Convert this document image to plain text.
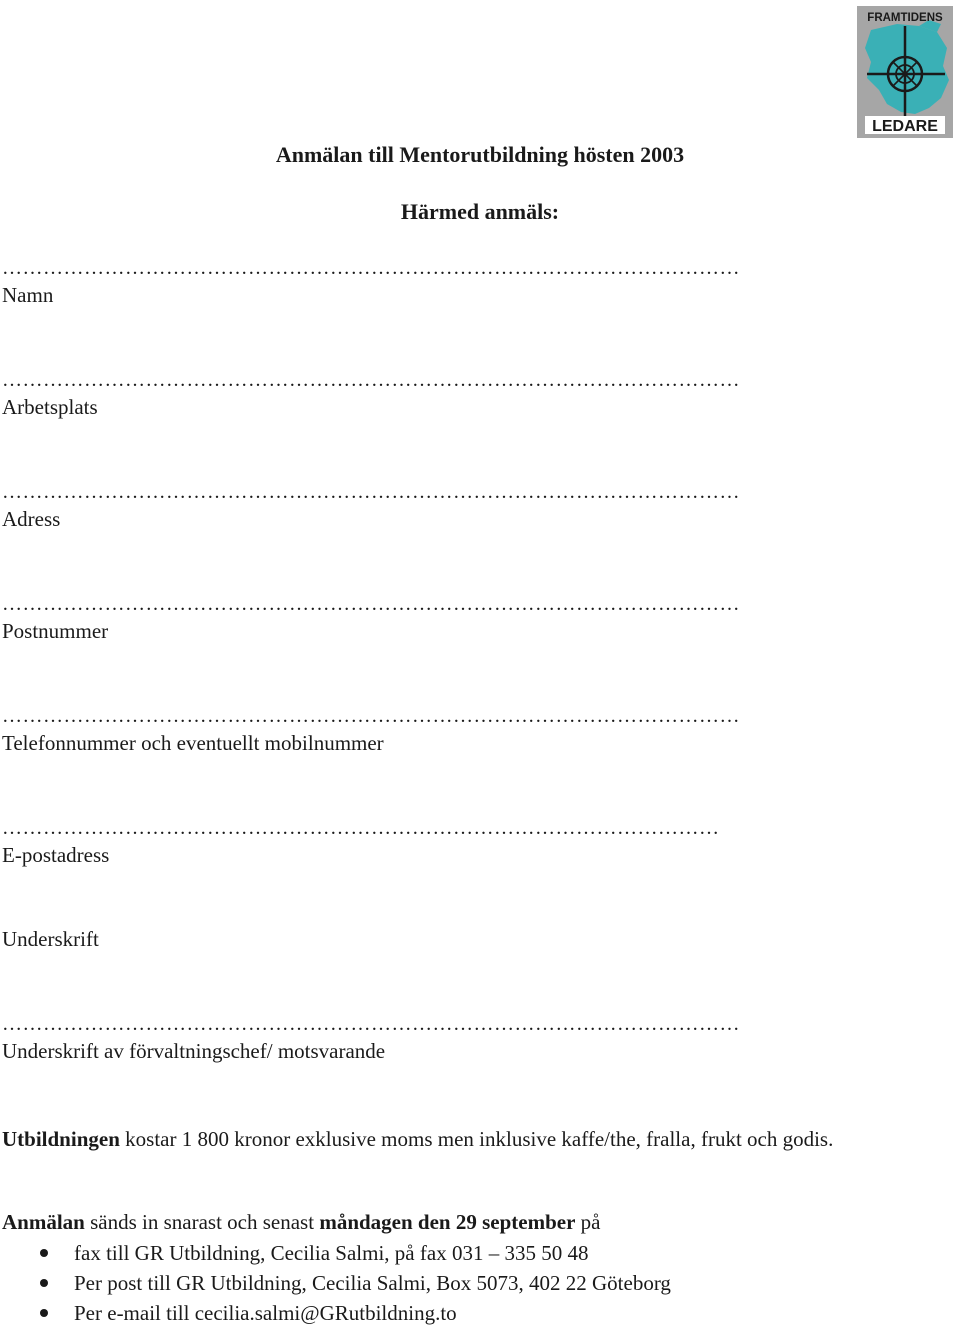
FRAMTIDENS
LEDARE
Anmälan till Mentorutbildning hösten 2003
Härmed anmäls:
………………………………………………………………………………………………
Namn
………………………………………………………………………………………………
Arbetsplats
………………………………………………………………………………………………
Adress
………………………………………………………………………………………………
Postnummer
………………………………………………………………………………………………
Telefonnummer och eventuellt mobilnummer
……………………………………………………………………………………………
E-postadress
Underskrift
………………………………………………………………………………………………
Underskrift av förvaltningschef/ motsvarande
Utbildningen kostar 1 800 kronor exklusive moms men inklusive kaffe/the, fralla, frukt och godis.
Anmälan sänds in snarast och senast måndagen den 29 september på
fax till GR Utbildning, Cecilia Salmi, på fax 031 – 335 50 48
Per post till GR Utbildning, Cecilia Salmi, Box 5073, 402 22 Göteborg
Per e-mail till cecilia.salmi@GRutbildning.to
